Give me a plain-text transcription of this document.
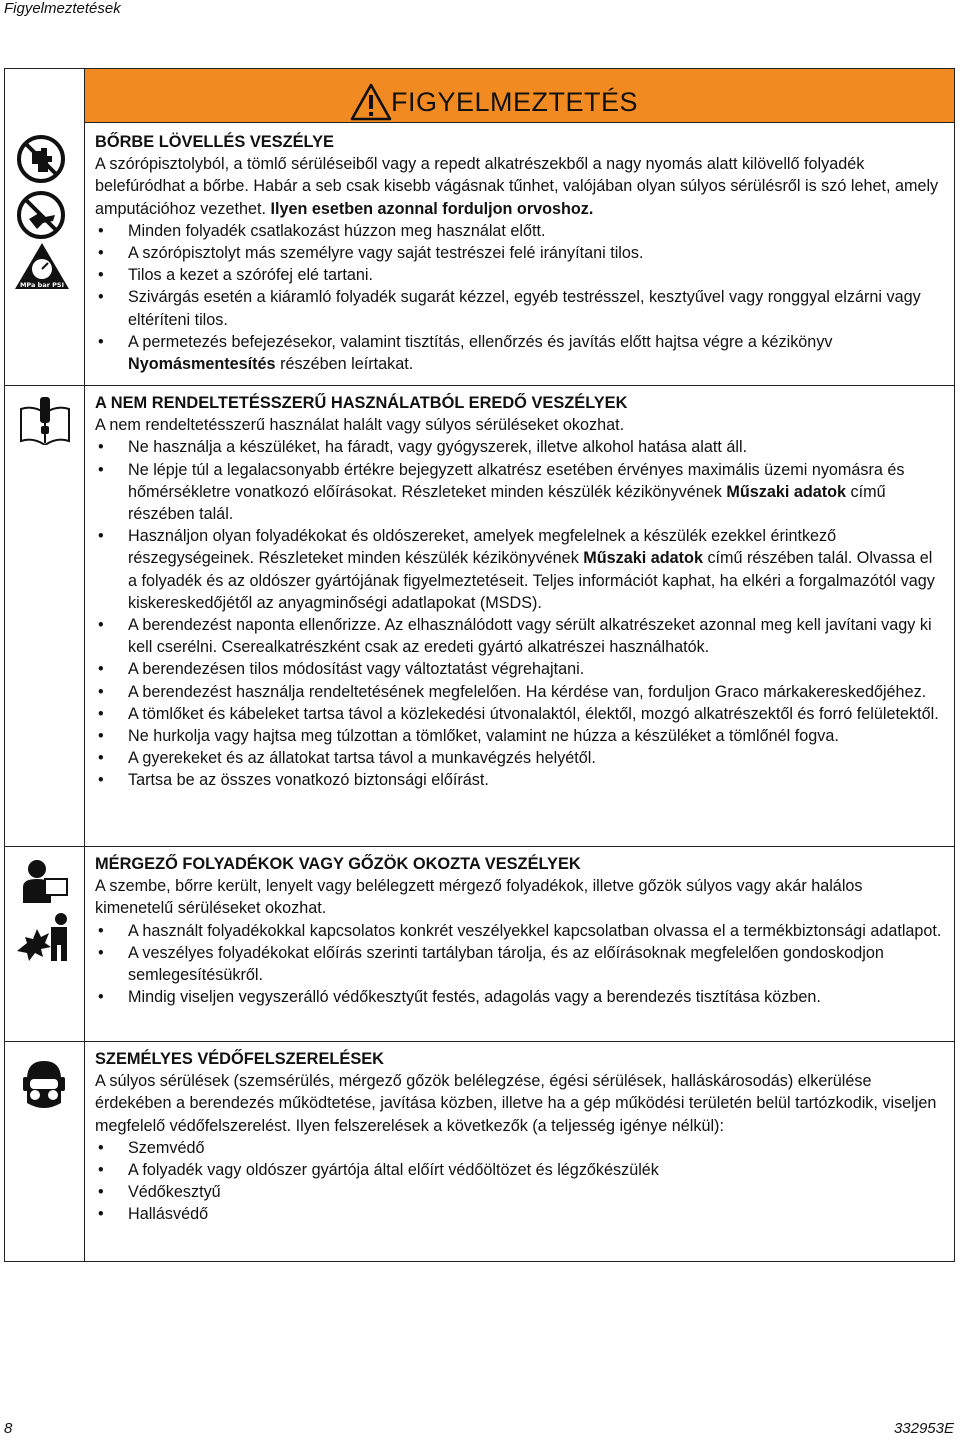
Figyelmeztetések
FIGYELMEZTETÉS
MPa bar PSI
BŐRBE LÖVELLÉS VESZÉLYE

A szórópisztolyból, a tömlő sérüléseiből vagy a repedt alkatrészekből a nagy nyomás alatt kilövellő folyadék belefúródhat a bőrbe. Habár a seb csak kisebb vágásnak tűnhet, valójában olyan súlyos sérülésről is szó lehet, amely amputációhoz vezethet. Ilyen esetben azonnal forduljon orvoshoz.

• Minden folyadék csatlakozást húzzon meg használat előtt.
• A szórópisztolyt más személyre vagy saját testrészei felé irányítani tilos.
• Tilos a kezet a szórófej elé tartani.
• Szivárgás esetén a kiáramló folyadék sugarát kézzel, egyéb testrésszel, kesztyűvel vagy ronggyal elzárni vagy eltéríteni tilos.
• A permetezés befejezésekor, valamint tisztítás, ellenőrzés és javítás előtt hajtsa végre a kézikönyv Nyomásmentesítés részében leírtakat.
A NEM RENDELTETÉSSZERŰ HASZNÁLATBÓL EREDŐ VESZÉLYEK

A nem rendeltetésszerű használat halált vagy súlyos sérüléseket okozhat.

• Ne használja a készüléket, ha fáradt, vagy gyógyszerek, illetve alkohol hatása alatt áll.
• Ne lépje túl a legalacsonyabb értékre bejegyzett alkatrész esetében érvényes maximális üzemi nyomásra és hőmérsékletre vonatkozó előírásokat. Részleteket minden készülék kézikönyvének Műszaki adatok című részében talál.
• Használjon olyan folyadékokat és oldószereket, amelyek megfelelnek a készülék ezekkel érintkező részegységeinek. Részleteket minden készülék kézikönyvének Műszaki adatok című részében talál. Olvassa el a folyadék és az oldószer gyártójának figyelmeztetéseit. Teljes információt kaphat, ha elkéri a forgalmazótól vagy kiskereskedőjétől az anyagminőségi adatlapokat (MSDS).
• A berendezést naponta ellenőrizze. Az elhasználódott vagy sérült alkatrészeket azonnal meg kell javítani vagy ki kell cserélni. Cserealkatrészként csak az eredeti gyártó alkatrészei használhatók.
• A berendezésen tilos módosítást vagy változtatást végrehajtani.
• A berendezést használja rendeltetésének megfelelően. Ha kérdése van, forduljon Graco márkakereskedőjéhez.
• A tömlőket és kábeleket tartsa távol a közlekedési útvonalaktól, élektől, mozgó alkatrészektől és forró felületektől.
• Ne hurkolja vagy hajtsa meg túlzottan a tömlőket, valamint ne húzza a készüléket a tömlőnél fogva.
• A gyerekeket és az állatokat tartsa távol a munkavégzés helyétől.
• Tartsa be az összes vonatkozó biztonsági előírást.
MÉRGEZŐ FOLYADÉKOK VAGY GŐZÖK OKOZTA VESZÉLYEK

A szembe, bőrre került, lenyelt vagy belélegzett mérgező folyadékok, illetve gőzök súlyos vagy akár halálos kimenetelű sérüléseket okozhat.

• A használt folyadékokkal kapcsolatos konkrét veszélyekkel kapcsolatban olvassa el a termékbiztonsági adatlapot.
• A veszélyes folyadékokat előírás szerinti tartályban tárolja, és az előírásoknak megfelelően gondoskodjon semlegesítésükről.
• Mindig viseljen vegyszerálló védőkesztyűt festés, adagolás vagy a berendezés tisztítása közben.
SZEMÉLYES VÉDŐFELSZERELÉSEK

A súlyos sérülések (szemsérülés, mérgező gőzök belélegzése, égési sérülések, halláskárosodás) elkerülése érdekében a berendezés működtetése, javítása közben, illetve ha a gép működési területén belül tartózkodik, viseljen megfelelő védőfelszerelést. Ilyen felszerelések a következők (a teljesség igénye nélkül):

• Szemvédő
• A folyadék vagy oldószer gyártója által előírt védőöltözet és légzőkészülék
• Védőkesztyű
• Hallásvédő
8	332953E
